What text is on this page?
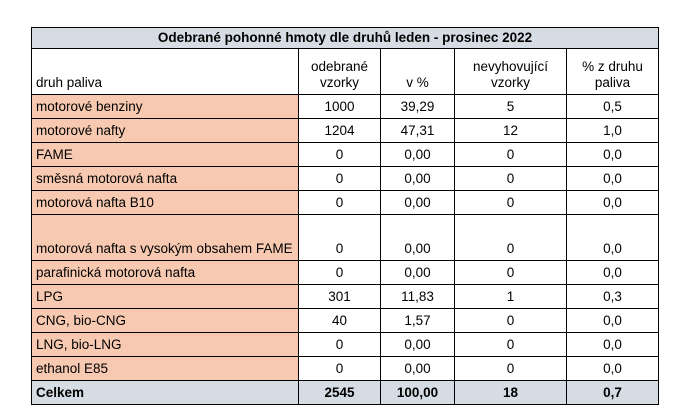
Odebrané pohonné hmoty dle druhů leden - prosinec 2022				
druh paliva	odebrané vzorky	v %	nevyhovující vzorky	% z druhu paliva
motorové benziny	1000	39,29	5	0,5
motorové nafty	1204	47,31	12	1,0
FAME	0	0,00	0	0,0
směsná motorová nafta	0	0,00	0	0,0
motorová nafta B10	0	0,00	0	0,0
motorová nafta s vysokým obsahem FAME	0	0,00	0	0,0
parafinická motorová nafta	0	0,00	0	0,0
LPG	301	11,83	1	0,3
CNG, bio-CNG	40	1,57	0	0,0
LNG, bio-LNG	0	0,00	0	0,0
ethanol E85	0	0,00	0	0,0
Celkem	2545	100,00	18	0,7
